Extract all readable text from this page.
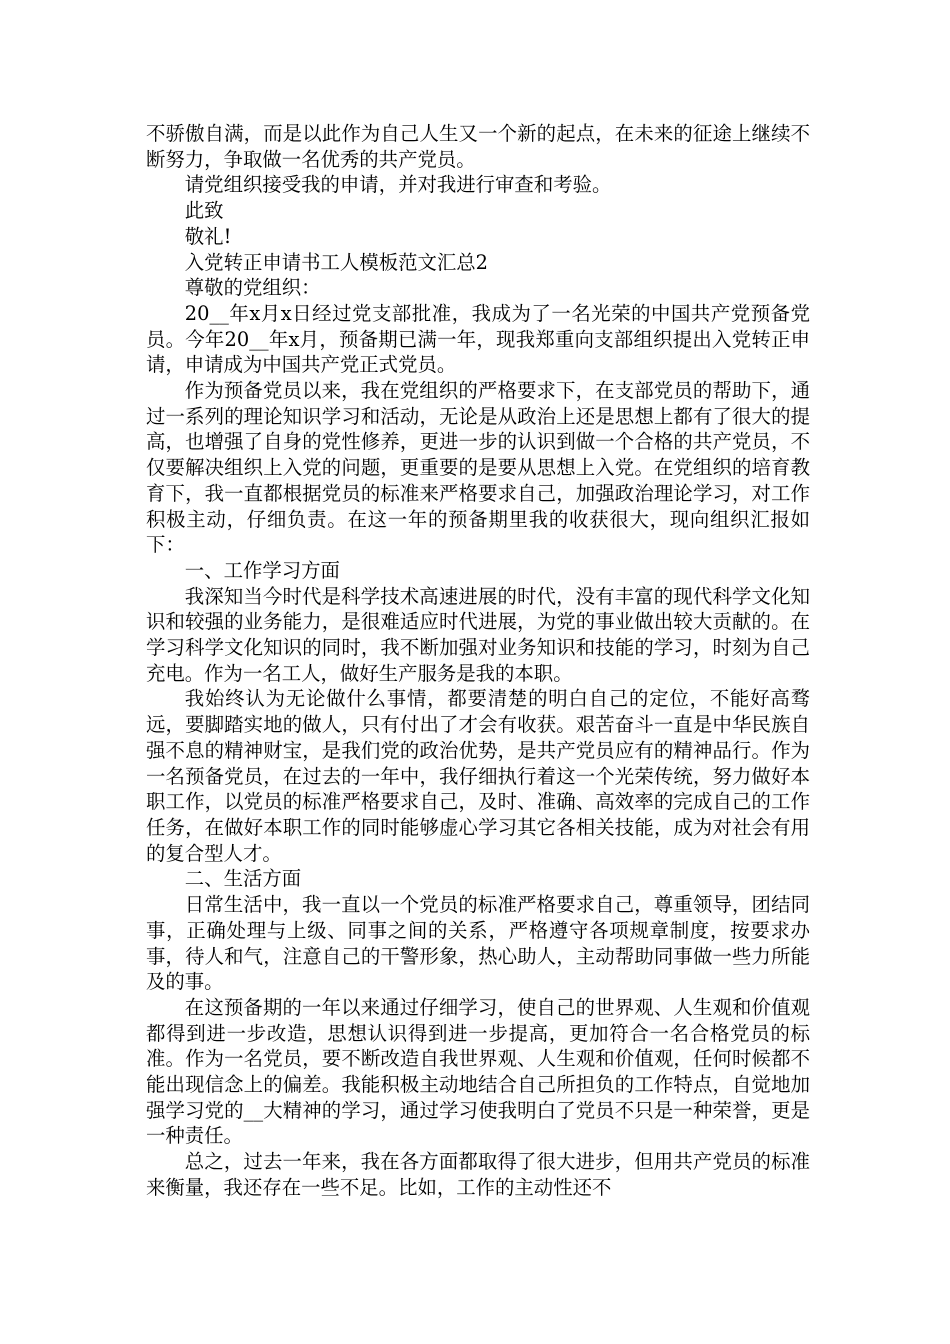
不骄傲自满，而是以此作为自己人生又一个新的起点，在未来的征途上继续不断努力，争取做一名优秀的共产党员。

请党组织接受我的申请，并对我进行审查和考验。

此致

敬礼!

入党转正申请书工人模板范文汇总2

尊敬的党组织：

20__年x月x日经过党支部批准，我成为了一名光荣的中国共产党预备党员。今年20__年x月，预备期已满一年，现我郑重向支部组织提出入党转正申请，申请成为中国共产党正式党员。

作为预备党员以来，我在党组织的严格要求下，在支部党员的帮助下，通过一系列的理论知识学习和活动，无论是从政治上还是思想上都有了很大的提高，也增强了自身的党性修养，更进一步的认识到做一个合格的共产党员，不仅要解决组织上入党的问题，更重要的是要从思想上入党。在党组织的培育教育下，我一直都根据党员的标准来严格要求自己，加强政治理论学习，对工作积极主动，仔细负责。在这一年的预备期里我的收获很大，现向组织汇报如下：

一、工作学习方面

我深知当今时代是科学技术高速进展的时代，没有丰富的现代科学文化知识和较强的业务能力，是很难适应时代进展，为党的事业做出较大贡献的。在学习科学文化知识的同时，我不断加强对业务知识和技能的学习，时刻为自己充电。作为一名工人，做好生产服务是我的本职。

我始终认为无论做什么事情，都要清楚的明白自己的定位，不能好高骛远，要脚踏实地的做人，只有付出了才会有收获。艰苦奋斗一直是中华民族自强不息的精神财宝，是我们党的政治优势，是共产党员应有的精神品行。作为一名预备党员，在过去的一年中，我仔细执行着这一个光荣传统，努力做好本职工作，以党员的标准严格要求自己，及时、准确、高效率的完成自己的工作任务，在做好本职工作的同时能够虚心学习其它各相关技能，成为对社会有用的复合型人才。

二、生活方面

日常生活中，我一直以一个党员的标准严格要求自己，尊重领导，团结同事，正确处理与上级、同事之间的关系，严格遵守各项规章制度，按要求办事，待人和气，注意自己的干警形象，热心助人，主动帮助同事做一些力所能及的事。

在这预备期的一年以来通过仔细学习，使自己的世界观、人生观和价值观都得到进一步改造，思想认识得到进一步提高，更加符合一名合格党员的标准。作为一名党员，要不断改造自我世界观、人生观和价值观，任何时候都不能出现信念上的偏差。我能积极主动地结合自己所担负的工作特点，自觉地加强学习党的__大精神的学习，通过学习使我明白了党员不只是一种荣誉，更是一种责任。

总之，过去一年来，我在各方面都取得了很大进步，但用共产党员的标准来衡量，我还存在一些不足。比如，工作的主动性还不
